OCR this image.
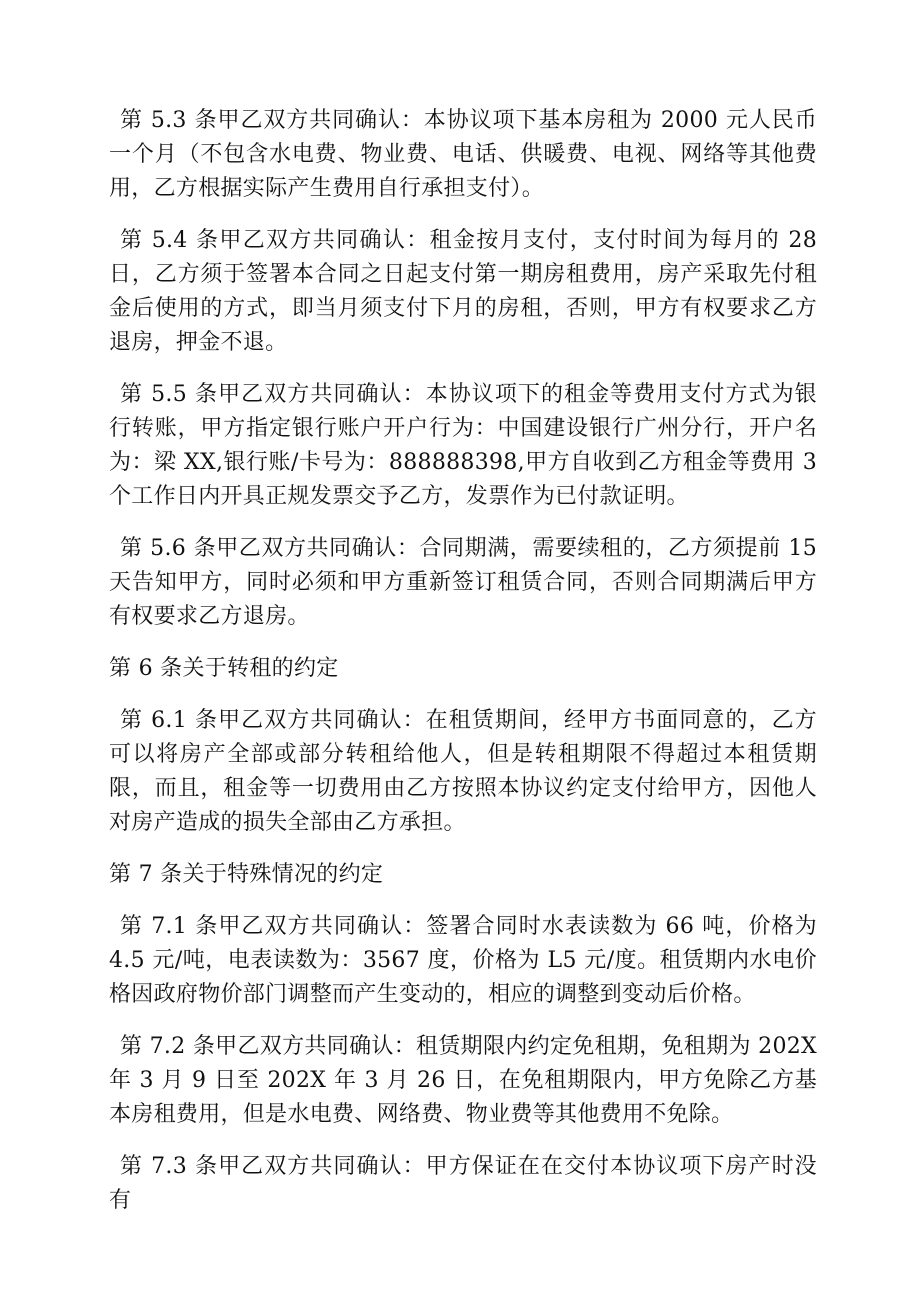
第 5.3 条甲乙双方共同确认：本协议项下基本房租为 2000 元人民币一个月（不包含水电费、物业费、电话、供暖费、电视、网络等其他费用，乙方根据实际产生费用自行承担支付）。

第 5.4 条甲乙双方共同确认：租金按月支付，支付时间为每月的 28 日，乙方须于签署本合同之日起支付第一期房租费用，房产采取先付租金后使用的方式，即当月须支付下月的房租，否则，甲方有权要求乙方退房，押金不退。

第 5.5 条甲乙双方共同确认：本协议项下的租金等费用支付方式为银行转账，甲方指定银行账户开户行为：中国建设银行广州分行，开户名为：梁 XX,银行账/卡号为：888888398,甲方自收到乙方租金等费用 3 个工作日内开具正规发票交予乙方，发票作为已付款证明。

第 5.6 条甲乙双方共同确认：合同期满，需要续租的，乙方须提前 15 天告知甲方，同时必须和甲方重新签订租赁合同，否则合同期满后甲方有权要求乙方退房。

第 6 条关于转租的约定

第 6.1 条甲乙双方共同确认：在租赁期间，经甲方书面同意的，乙方可以将房产全部或部分转租给他人，但是转租期限不得超过本租赁期限，而且，租金等一切费用由乙方按照本协议约定支付给甲方，因他人对房产造成的损失全部由乙方承担。

第 7 条关于特殊情况的约定

第 7.1 条甲乙双方共同确认：签署合同时水表读数为 66 吨，价格为 4.5 元/吨，电表读数为：3567 度，价格为 L5 元/度。租赁期内水电价格因政府物价部门调整而产生变动的，相应的调整到变动后价格。

第 7.2 条甲乙双方共同确认：租赁期限内约定免租期，免租期为 202X 年 3 月 9 日至 202X 年 3 月 26 日，在免租期限内，甲方免除乙方基本房租费用，但是水电费、网络费、物业费等其他费用不免除。

第 7.3 条甲乙双方共同确认：甲方保证在在交付本协议项下房产时没有
